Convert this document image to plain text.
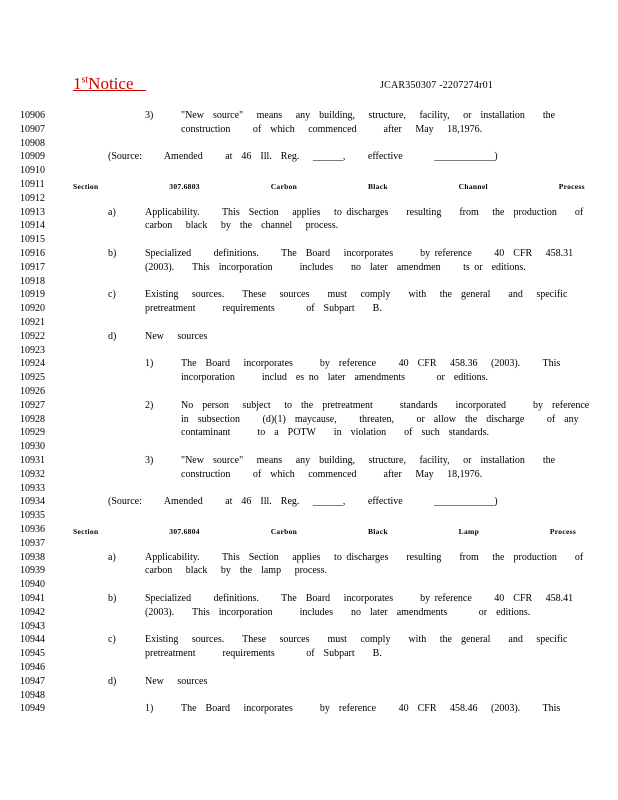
1stNotice	JCAR350307 -2207274r01
10906	3)	"New  source"   means   any  building,   structure,   facility,   or  installation    the
10907	construction     of  which   commenced      after   May   18,1976.
10908
10909	(Source:     Amended     at  46  Ill.  Reg.   ______,     effective       ____________)
10910
10911	Section     307.6803     Carbon     Black     Channel     Process
10912
10913	a)	Applicability.     This  Section   applies   to discharges    resulting    from   the  production    of
10914	carbon   black   by  the  channel   process.
10915
10916	b)	Specialized     definitions.     The  Board   incorporates      by reference     40  CFR   458.31
10917	(2003).    This  incorporation      includes    no  later  amendmen     ts or  editions.
10918
10919	c)	Existing   sources.    These   sources    must   comply    with   the  general    and   specific
10920	pretreatment      requirements       of  Subpart    B.
10921
10922	d)	New   sources
10923
10924	1)	The  Board   incorporates      by  reference     40  CFR   458.36   (2003).     This
10925	incorporation      includ  es no  later  amendments       or  editions.
10926
10927	2)	No  person   subject   to  the  pretreatment      standards    incorporated      by  reference
10928	in  subsection     (d)(1)  maycause,     threaten,     or  allow  the  discharge     of  any
10929	contaminant      to  a  POTW    in  violation    of  such  standards.
10930
10931	3)	"New  source"   means   any  building,   structure,   facility,   or  installation    the
10932	construction     of  which   commenced      after   May   18,1976.
10933
10934	(Source:     Amended     at  46  Ill.  Reg.   ______,     effective       ____________)
10935
10936	Section     307.6804     Carbon     Black     Lamp     Process
10937
10938	a)	Applicability.     This  Section   applies   to discharges    resulting    from   the  production    of
10939	carbon   black   by  the  lamp   process.
10940
10941	b)	Specialized     definitions.     The  Board   incorporates      by reference     40  CFR   458.41
10942	(2003).    This  incorporation      includes    no  later  amendments       or  editions.
10943
10944	c)	Existing   sources.    These   sources    must   comply    with   the  general    and   specific
10945	pretreatment      requirements       of  Subpart    B.
10946
10947	d)	New   sources
10948
10949	1)	The  Board   incorporates      by  reference     40  CFR   458.46   (2003).     This
